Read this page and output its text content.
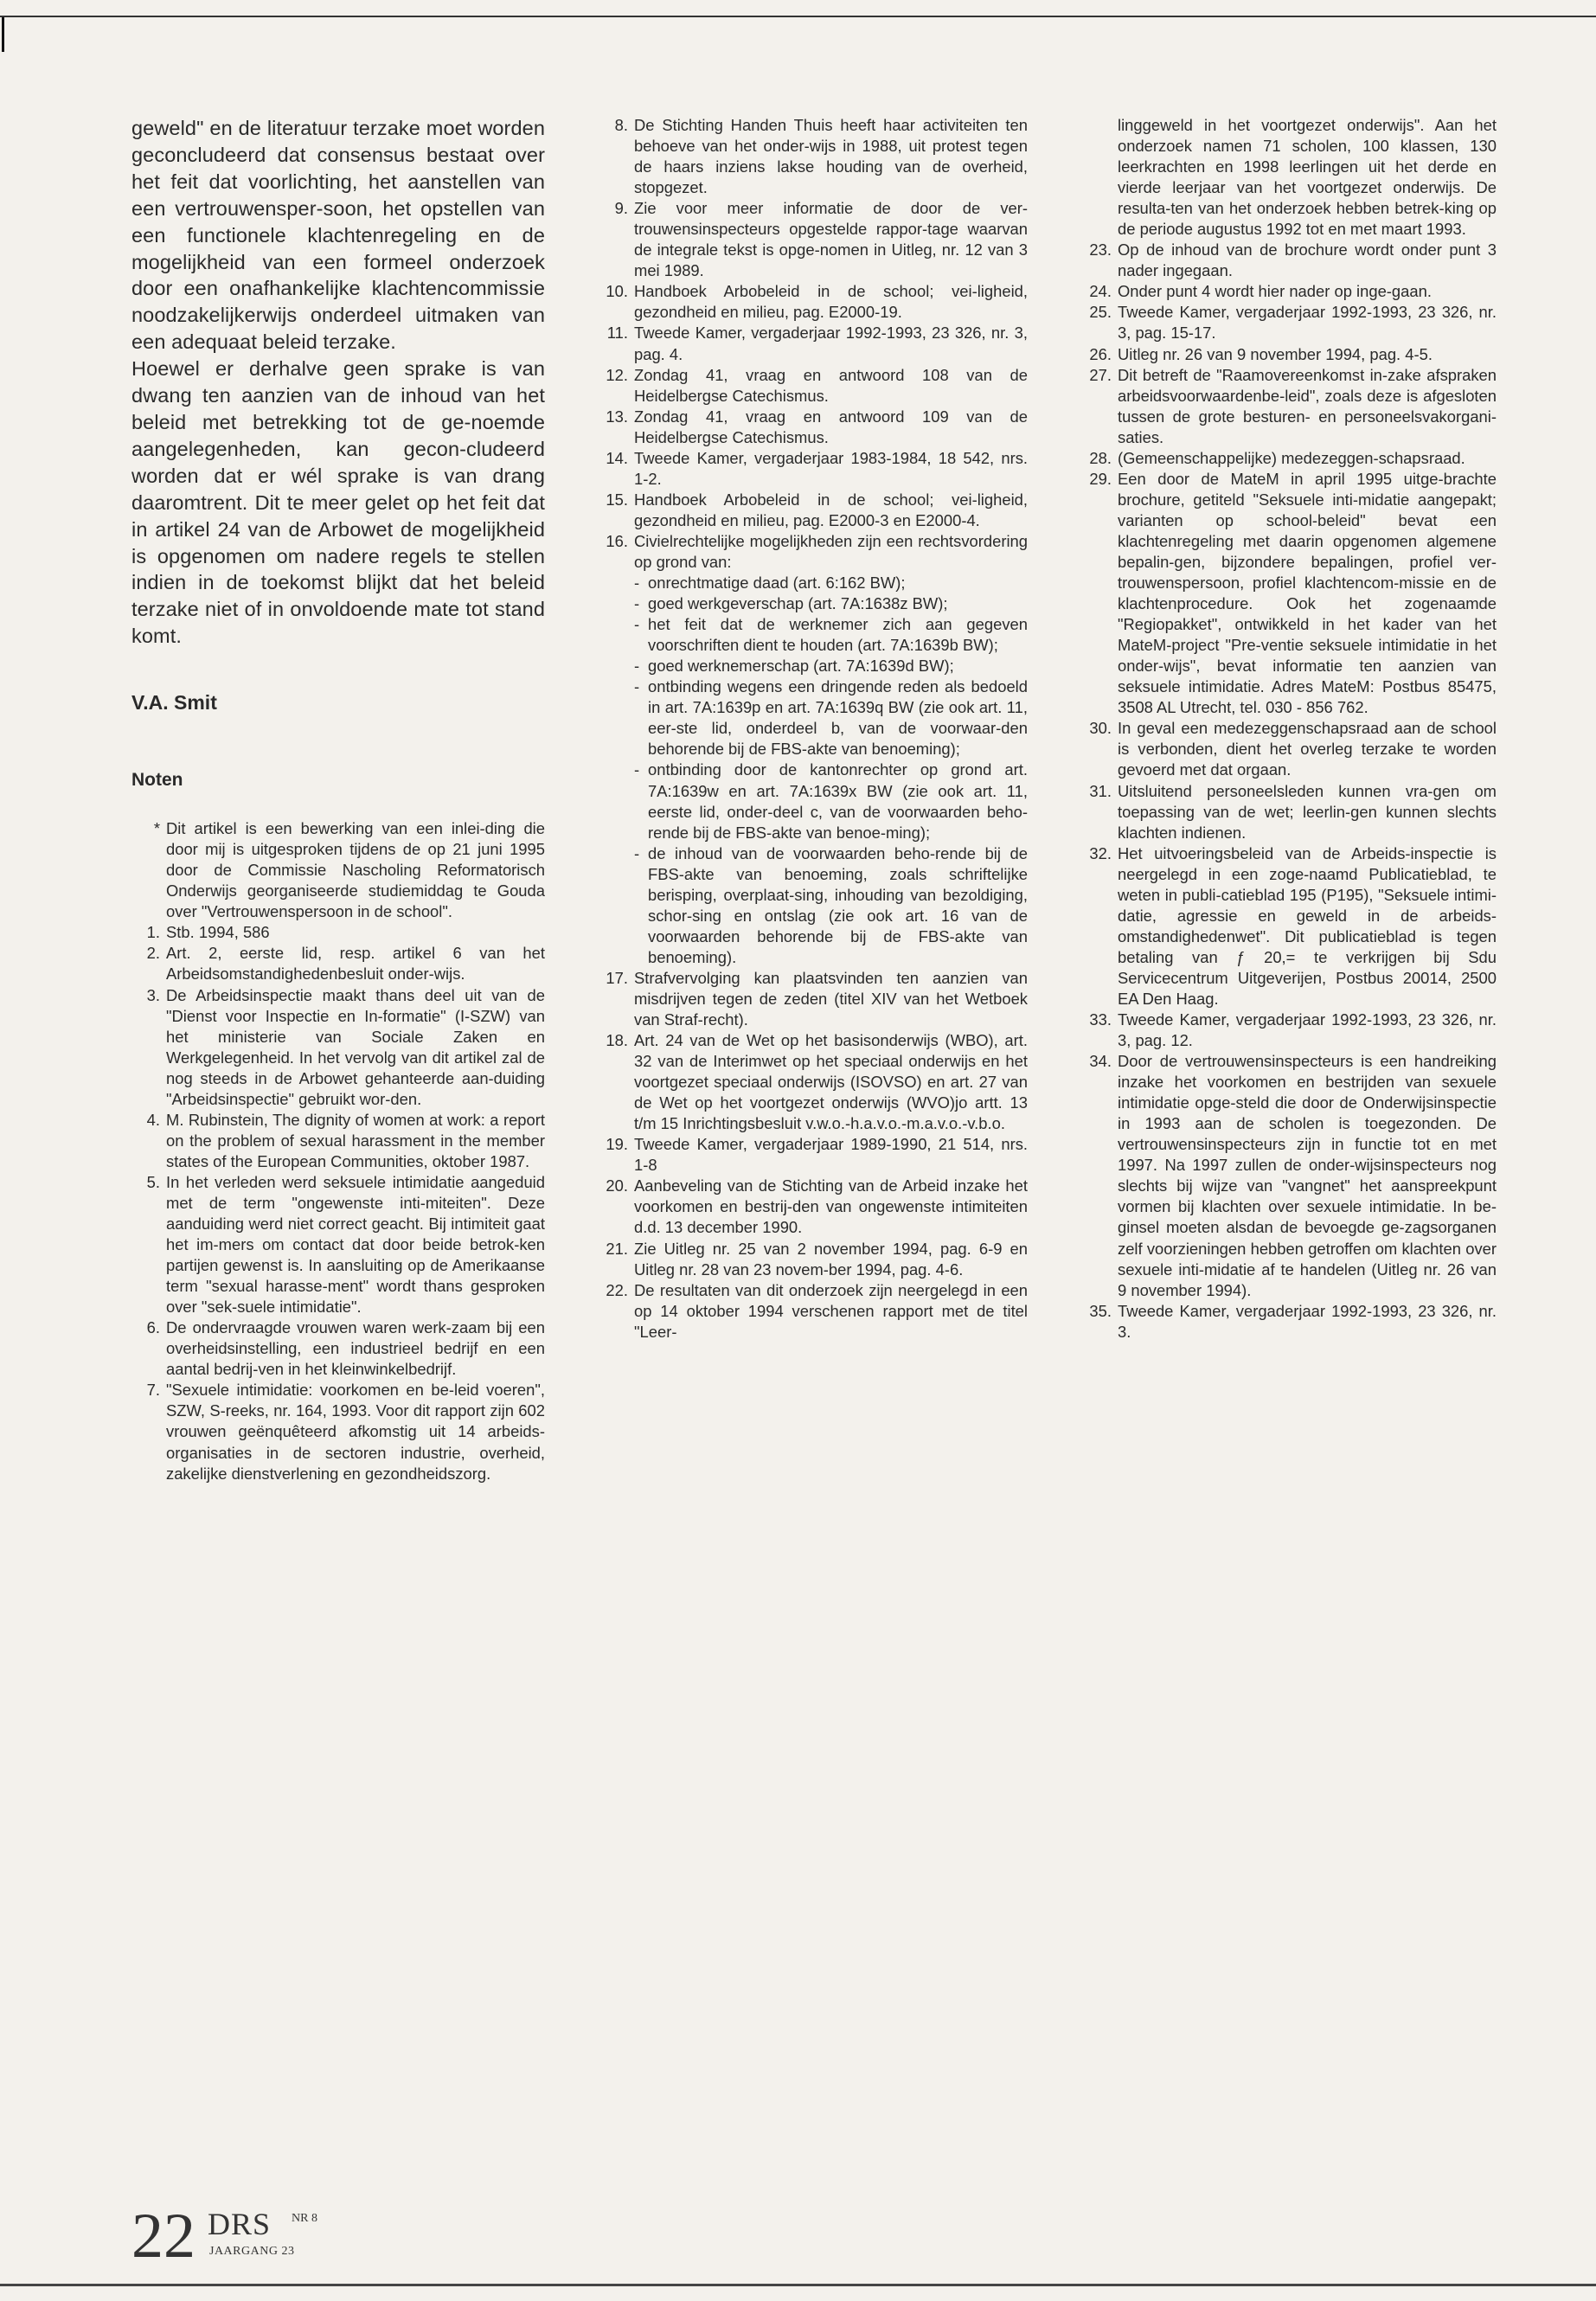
geweld" en de literatuur terzake moet worden geconcludeerd dat consensus bestaat over het feit dat voorlichting, het aanstellen van een vertrouwensper-soon, het opstellen van een functionele klachtenregeling en de mogelijkheid van een formeel onderzoek door een onafhankelijke klachtencommissie noodzakelijkerwijs onderdeel uitmaken van een adequaat beleid terzake.

Hoewel er derhalve geen sprake is van dwang ten aanzien van de inhoud van het beleid met betrekking tot de ge-noemde aangelegenheden, kan gecon-cludeerd worden dat er wél sprake is van drang daaromtrent. Dit te meer gelet op het feit dat in artikel 24 van de Arbowet de mogelijkheid is opgenomen om nadere regels te stellen indien in de toekomst blijkt dat het beleid terzake niet of in onvoldoende mate tot stand komt.

V.A. Smit

Noten

* Dit artikel is een bewerking van een inlei-ding die door mij is uitgesproken tijdens de op 21 juni 1995 door de Commissie Nascholing Reformatorisch Onderwijs georganiseerde studiemiddag te Gouda over "Vertrouwenspersoon in de school".
1. Stb. 1994, 586
2. Art. 2, eerste lid, resp. artikel 6 van het Arbeidsomstandighedenbesluit onder-wijs.
3. De Arbeidsinspectie maakt thans deel uit van de "Dienst voor Inspectie en In-formatie" (I-SZW) van het ministerie van Sociale Zaken en Werkgelegenheid. In het vervolg van dit artikel zal de nog steeds in de Arbowet gehanteerde aan-duiding "Arbeidsinspectie" gebruikt wor-den.
4. M. Rubinstein, The dignity of women at work: a report on the problem of sexual harassment in the member states of the European Communities, oktober 1987.
5. In het verleden werd seksuele intimidatie aangeduid met de term "ongewenste inti-miteiten". Deze aanduiding werd niet correct geacht. Bij intimiteit gaat het im-mers om contact dat door beide betrok-ken partijen gewenst is. In aansluiting op de Amerikaanse term "sexual harasse-ment" wordt thans gesproken over "sek-suele intimidatie".
6. De ondervraagde vrouwen waren werk-zaam bij een overheidsinstelling, een industrieel bedrijf en een aantal bedrij-ven in het kleinwinkelbedrijf.
7. "Sexuele intimidatie: voorkomen en be-leid voeren", SZW, S-reeks, nr. 164, 1993. Voor dit rapport zijn 602 vrouwen geënquêteerd afkomstig uit 14 arbeids-organisaties in de sectoren industrie, overheid, zakelijke dienstverlening en gezondheidszorg.
8. De Stichting Handen Thuis heeft haar activiteiten ten behoeve van het onder-wijs in 1988, uit protest tegen de haars inziens lakse houding van de overheid, stopgezet.
9. Zie voor meer informatie de door de ver-trouwensinspecteurs opgestelde rappor-tage waarvan de integrale tekst is opge-nomen in Uitleg, nr. 12 van 3 mei 1989.
10. Handboek Arbobeleid in de school; vei-ligheid, gezondheid en milieu, pag. E2000-19.
11. Tweede Kamer, vergaderjaar 1992-1993, 23 326, nr. 3, pag. 4.
12. Zondag 41, vraag en antwoord 108 van de Heidelbergse Catechismus.
13. Zondag 41, vraag en antwoord 109 van de Heidelbergse Catechismus.
14. Tweede Kamer, vergaderjaar 1983-1984, 18 542, nrs. 1-2.
15. Handboek Arbobeleid in de school; vei-ligheid, gezondheid en milieu, pag. E2000-3 en E2000-4.
16. Civielrechtelijke mogelijkheden zijn een rechtsvordering op grond van:
- onrechtmatige daad (art. 6:162 BW);
- goed werkgeverschap (art. 7A:1638z BW);
- het feit dat de werknemer zich aan gegeven voorschriften dient te houden (art. 7A:1639b BW);
- goed werknemerschap (art. 7A:1639d BW);
- ontbinding wegens een dringende reden als bedoeld in art. 7A:1639p en art. 7A:1639q BW (zie ook art. 11, eer-ste lid, onderdeel b, van de voorwaar-den behorende bij de FBS-akte van benoeming);
- ontbinding door de kantonrechter op grond art. 7A:1639w en art. 7A:1639x BW (zie ook art. 11, eerste lid, onder-deel c, van de voorwaarden beho-rende bij de FBS-akte van benoe-ming);
- de inhoud van de voorwaarden beho-rende bij de FBS-akte van benoeming, zoals schriftelijke berisping, overplaat-sing, inhouding van bezoldiging, schor-sing en ontslag (zie ook art. 16 van de voorwaarden behorende bij de FBS-akte van benoeming).
17. Strafvervolging kan plaatsvinden ten aanzien van misdrijven tegen de zeden (titel XIV van het Wetboek van Straf-recht).
18. Art. 24 van de Wet op het basisonderwijs (WBO), art. 32 van de Interimwet op het speciaal onderwijs en het voortgezet speciaal onderwijs (ISOVSO) en art. 27 van de Wet op het voortgezet onderwijs (WVO)jo artt. 13 t/m 15 Inrichtingsbesluit v.w.o.-h.a.v.o.-m.a.v.o.-v.b.o.
19. Tweede Kamer, vergaderjaar 1989-1990, 21 514, nrs. 1-8
20. Aanbeveling van de Stichting van de Arbeid inzake het voorkomen en bestrij-den van ongewenste intimiteiten d.d. 13 december 1990.
21. Zie Uitleg nr. 25 van 2 november 1994, pag. 6-9 en Uitleg nr. 28 van 23 novem-ber 1994, pag. 4-6.
22. De resultaten van dit onderzoek zijn neergelegd in een op 14 oktober 1994 verschenen rapport met de titel "Leer-
linggeweld in het voortgezet onderwijs". Aan het onderzoek namen 71 scholen, 100 klassen, 130 leerkrachten en 1998 leerlingen uit het derde en vierde leerjaar van het voortgezet onderwijs. De resulta-ten van het onderzoek hebben betrek-king op de periode augustus 1992 tot en met maart 1993.
23. Op de inhoud van de brochure wordt onder punt 3 nader ingegaan.
24. Onder punt 4 wordt hier nader op inge-gaan.
25. Tweede Kamer, vergaderjaar 1992-1993, 23 326, nr. 3, pag. 15-17.
26. Uitleg nr. 26 van 9 november 1994, pag. 4-5.
27. Dit betreft de "Raamovereenkomst in-zake afspraken arbeidsvoorwaardenbe-leid", zoals deze is afgesloten tussen de grote besturen- en personeelsvakorgani-saties.
28. (Gemeenschappelijke) medezeggen-schapsraad.
29. Een door de MateM in april 1995 uitge-brachte brochure, getiteld "Seksuele inti-midatie aangepakt; varianten op school-beleid" bevat een klachtenregeling met daarin opgenomen algemene bepalin-gen, bijzondere bepalingen, profiel ver-trouwenspersoon, profiel klachtencom-missie en de klachtenprocedure. Ook het zogenaamde "Regiopakket", ontwikkeld in het kader van het MateM-project "Pre-ventie seksuele intimidatie in het onder-wijs", bevat informatie ten aanzien van seksuele intimidatie. Adres MateM: Postbus 85475, 3508 AL Utrecht, tel. 030 - 856 762.
30. In geval een medezeggenschapsraad aan de school is verbonden, dient het overleg terzake te worden gevoerd met dat orgaan.
31. Uitsluitend personeelsleden kunnen vra-gen om toepassing van de wet; leerlin-gen kunnen slechts klachten indienen.
32. Het uitvoeringsbeleid van de Arbeids-inspectie is neergelegd in een zoge-naamd Publicatieblad, te weten in publi-catieblad 195 (P195), "Seksuele intimi-datie, agressie en geweld in de arbeids-omstandighedenwet". Dit publicatieblad is tegen betaling van ƒ 20,= te verkrijgen bij Sdu Servicecentrum Uitgeverijen, Postbus 20014, 2500 EA Den Haag.
33. Tweede Kamer, vergaderjaar 1992-1993, 23 326, nr. 3, pag. 12.
34. Door de vertrouwensinspecteurs is een handreiking inzake het voorkomen en bestrijden van sexuele intimidatie opge-steld die door de Onderwijsinspectie in 1993 aan de scholen is toegezonden. De vertrouwensinspecteurs zijn in functie tot en met 1997. Na 1997 zullen de onder-wijsinspecteurs nog slechts bij wijze van "vangnet" het aanspreekpunt vormen bij klachten over sexuele intimidatie. In be-ginsel moeten alsdan de bevoegde ge-zagsorganen zelf voorzieningen hebben getroffen om klachten over sexuele inti-midatie af te handelen (Uitleg nr. 26 van 9 november 1994).
35. Tweede Kamer, vergaderjaar 1992-1993, 23 326, nr. 3.
22 DRS NR 8
JAARGANG 23
